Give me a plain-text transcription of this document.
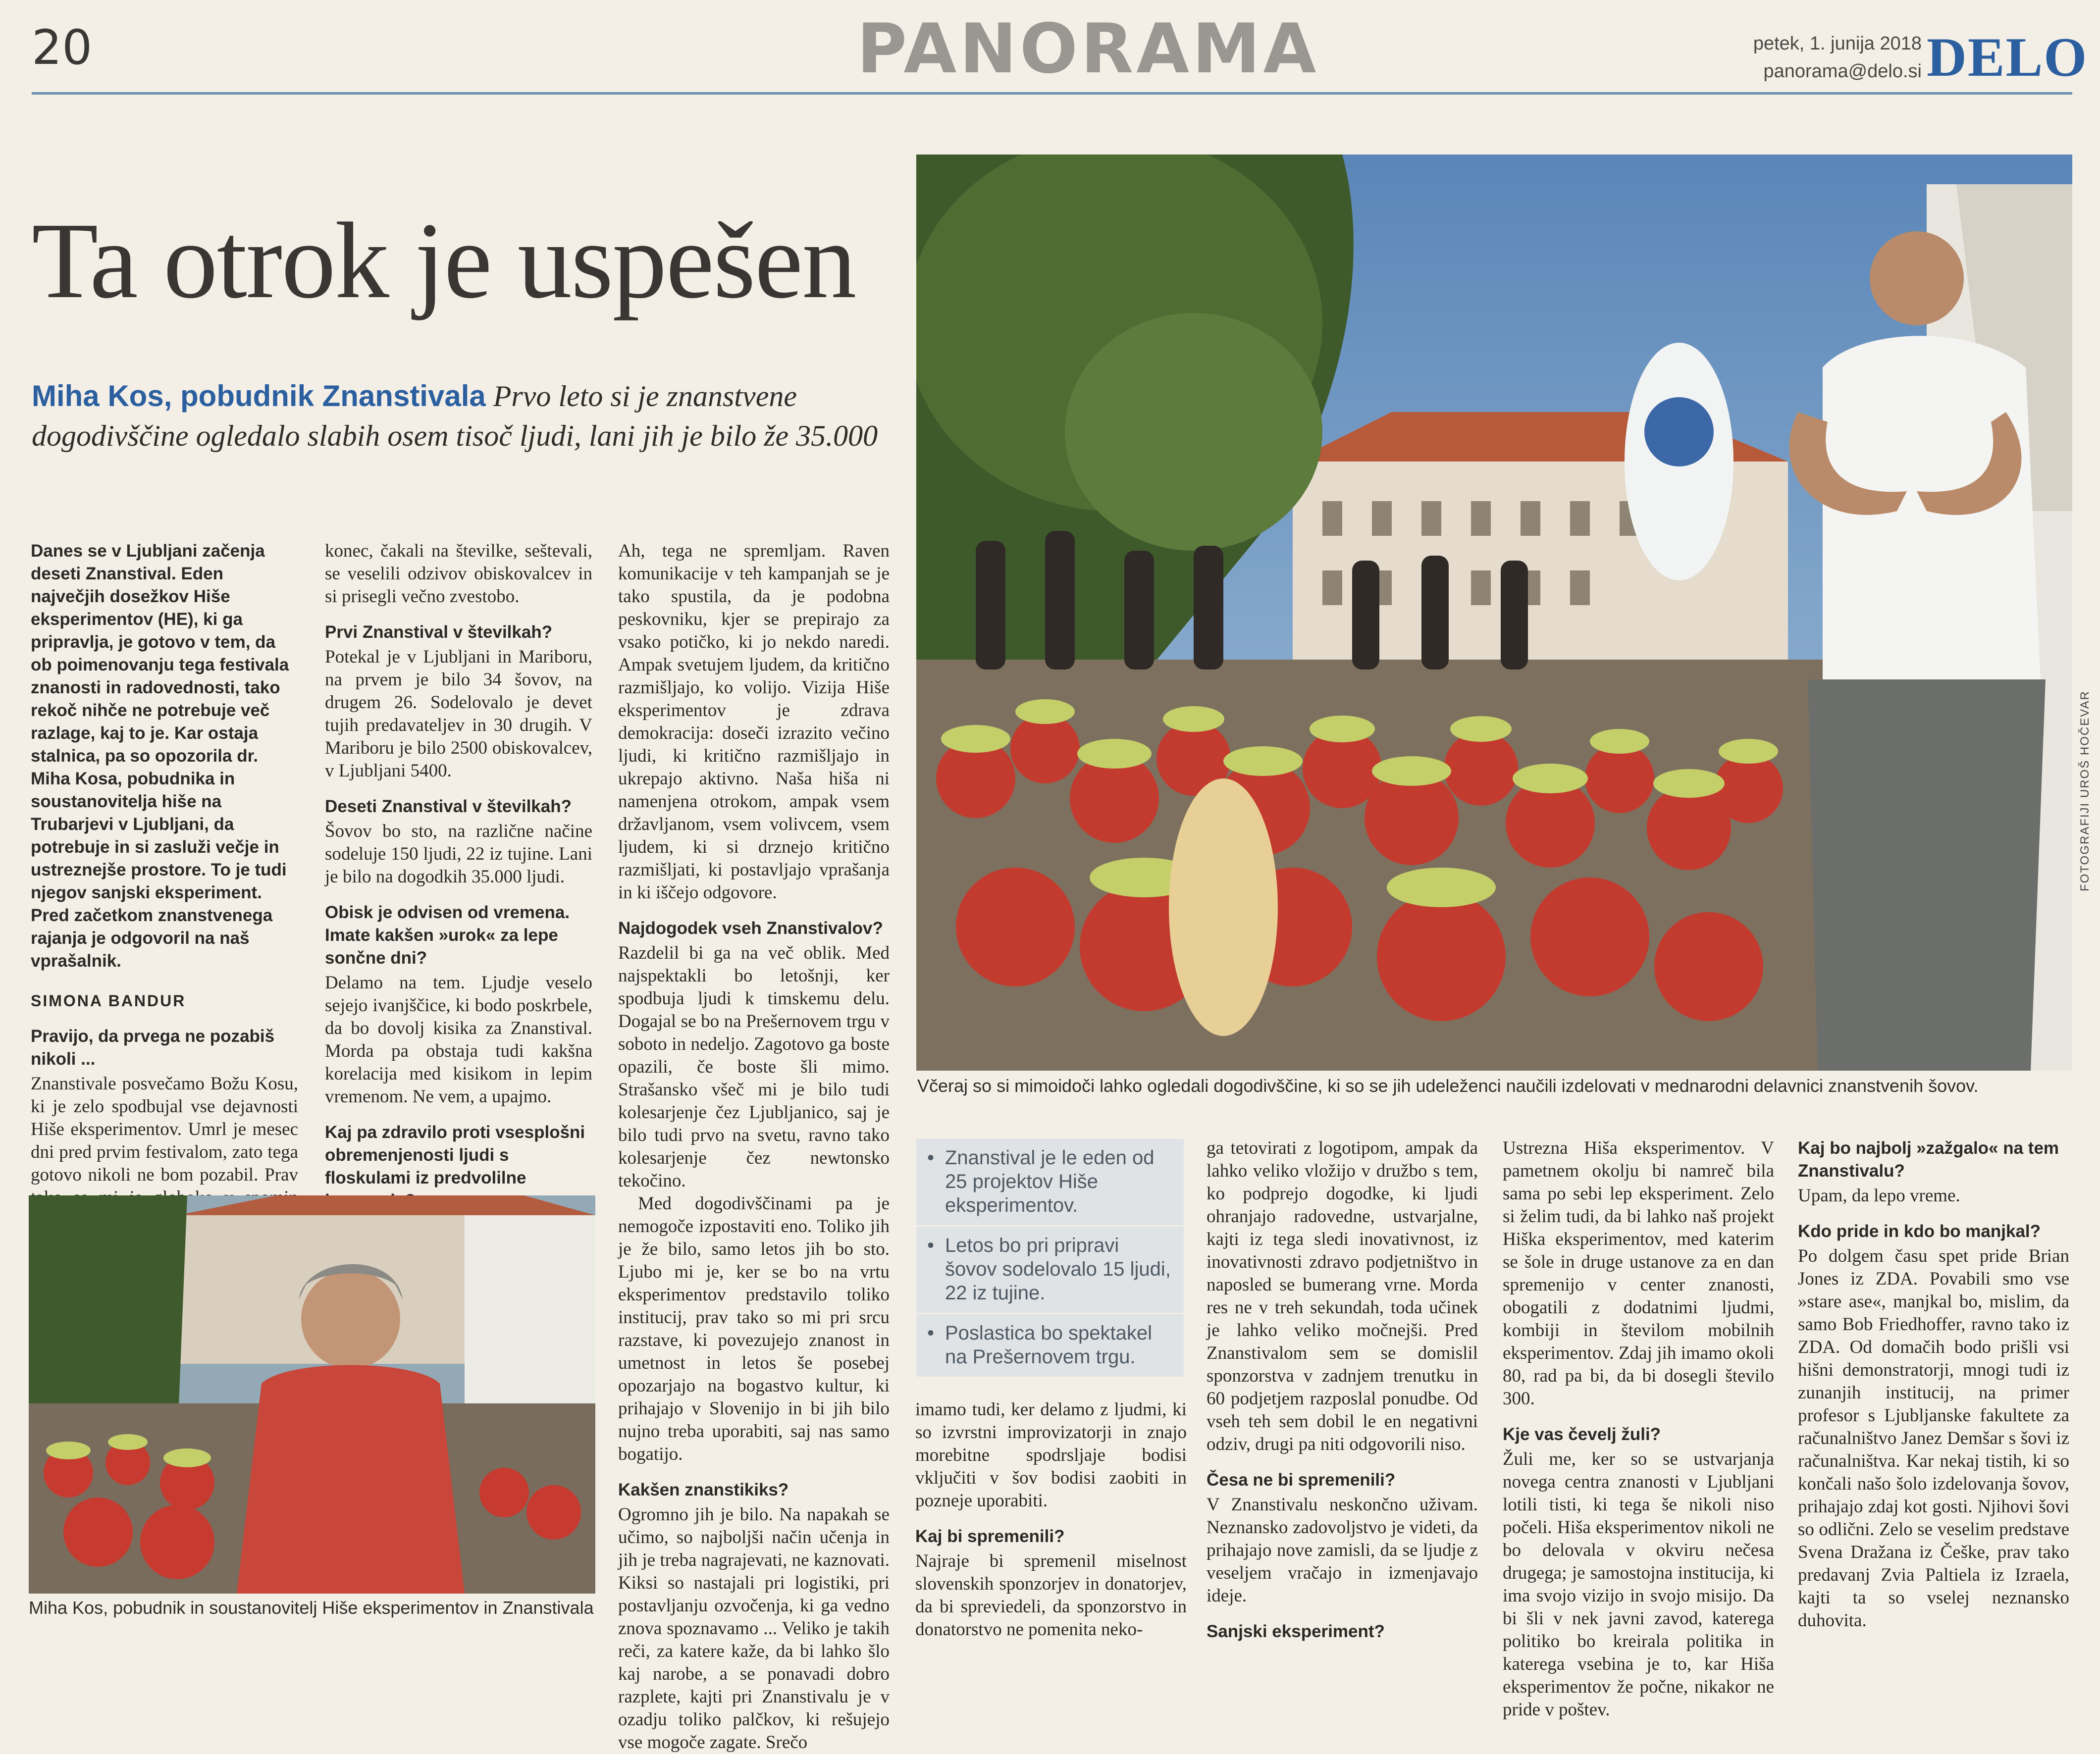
20	PANORAMA	petek, 1. junija 2018
panorama@delo.si DELO
Ta otrok je uspešen
Miha Kos, pobudnik Znanstivala Prvo leto si je znanstvene dogodivščine ogledalo slabih osem tisoč ljudi, lani jih je bilo že 35.000

Danes se v Ljubljani začenja deseti Znanstival. Eden največjih dosežkov Hiše eksperimentov (HE), ki ga pripravlja, je gotovo v tem, da ob poimenovanju tega festivala znanosti in radovednosti, tako rekoč nihče ne potrebuje več razlage, kaj to je. Kar ostaja stalnica, pa so opozorila dr. Miha Kosa, pobudnika in soustanovitelja hiše na Trubarjevi v Ljubljani, da potrebuje in si zasluži večje in ustreznejše prostore. To je tudi njegov sanjski eksperiment. Pred začetkom znanstvenega rajanja je odgovoril na naš vprašalnik.

SIMONA BANDUR
Pravijo, da prvega ne pozabiš nikoli ...

Znanstivale posvečamo Božu Kosu, ki je zelo spodbujal vse dejavnosti Hiše eksperimentov. Umrl je mesec dni pred prvim festivalom, zato tega gotovo nikoli ne bom pozabil. Prav

konec, čakali na številke, seštevali, se veselili odzivov obiskovalcev in si prisegli večno zvestobo.

Prvi Znanstival v številkah?

Potekal je v Ljubljani in Mariboru, na prvem je bilo 34 šovov, na drugem 26. Sodelovalo je devet tujih predavateljev in 30 drugih. V Mariboru je bilo 2500 obiskovalcev, v Ljubljani 5400.

Deseti Znanstival v številkah?

Šovov bo sto, na različne načine sodeluje 150 ljudi, 22 iz tujine. Lani je bilo na dogodkih 35.000 ljudi.

Obisk je odvisen od vremena. Imate kakšen »urok« za lepe sončne dni?

Delamo na tem. Ljudje veselo sejejo ivanjščice, ki bodo poskrbele, da bo dovolj kisika za Znanstival. Morda pa obstaja tudi kakšna korelacija med kisikom in lepim vremenom. Ne vem, a upajmo.

Kaj pa zdravilo proti vsesplošni obremenjenosti ljudi s floskulami iz predvolilne

Ah, tega ne spremljam. Raven komunikacije v teh kampanjah se je tako spustila, da je podobna peskovniku, kjer se prepirajo za vsako potičko, ki jo nekdo naredi. Ampak svetujem ljudem, da kritično razmišljajo, ko volijo. Vizija Hiše eksperimentov je zdrava demokracija: doseči izrazito večino ljudi, ki kritično razmišljajo in ukrepajo aktivno. Naša hiša ni namenjena otrokom, ampak vsem državljanom, vsem volivcem, vsem ljudem, ki si drznejo kritično razmišljati, ki postavljajo vprašanja in ki iščejo odgovore.

Najdogodek vseh Znanstivalov?

Razdelil bi ga na več oblik. Med najspektakli bo letošnji, ker spodbuja ljudi k timskemu delu. Dogajal se bo na Prešernovem trgu v soboto in nedeljo. Zagotovo ga boste opazili, če boste šli mimo. Strašansko všeč mi je bilo tudi kolesarjenje čez Ljubljanico, saj je bilo tudi prvo na svetu, ravno tako kolesarjenje čez newtonsko tekočino.

Med dogodivščinami pa je nemogoče izpostaviti eno. Toliko jih je že bilo, samo letos jih bo sto. Ljubo mi je, ker se bo na vrtu eksperimentov predstavilo toliko institucij, prav tako so mi pri srcu razstave, ki povezujejo znanost in umetnost in letos še posebej opozarjajo na bogastvo kultur, ki prihajajo v Slovenijo in bi jih bilo nujno treba uporabiti, saj nas samo bogatijo.

Kakšen znanstikiks?

Ogromno jih je bilo. Na napakah se učimo, so najboljši način učenja in jih je treba nagrajevati, ne kaznovati. Kiksi so nastajali pri logistiki, pri postavljanju ozvočenja, ki ga vedno znova spoznavamo ... Veliko je takih reči, za katere kaže, da bi lahko šlo kaj narobe, a se ponavadi dobro razplete, kajti pri Znanstivalu je v ozadju toliko palčkov, ki rešujejo vse mogoče zagate. Srečo

FOTOGRAFIJI UROŠ HOČEVAR
Včeraj so si mimoidoči lahko ogledali dogodivščine, ki so se jih udeleženci naučili izdelovati v mednarodni delavnici znanstvenih šovov.
Miha Kos, pobudnik in soustanovitelj Hiše eksperimentov in Znanstivala
• Znanstival je le eden od 25 projektov Hiše eksperimentov.
• Letos bo pri pripravi šovov sodelovalo 15 ljudi, 22 iz tujine.
• Poslastica bo spektakel na Prešernovem trgu.

imamo tudi, ker delamo z ljudmi, ki so izvrstni improvizatorji in znajo morebitne spodrsljaje bodisi vključiti v šov bodisi zaobiti in pozneje uporabiti.

Kaj bi spremenili?

Najraje bi spremenil miselnost slovenskih sponzorjev in donatorjev, da bi spreviedeli, da sponzorstvo in donatorstvo ne pomenita neko-

ga tetovirati z logotipom, ampak da lahko veliko vložijo v družbo s tem, ko podprejo dogodke, ki ljudi ohranjajo radovedne, ustvarjalne, kajti iz tega sledi inovativnost, iz inovativnosti zdravo podjetništvo in naposled se bumerang vrne. Morda res ne v treh sekundah, toda učinek je lahko veliko močnejši. Pred Znanstivalom sem se domislil sponzorstva v zadnjem trenutku in 60 podjetjem razposlal ponudbe. Od vseh teh sem dobil le en negativni odziv, drugi pa niti odgovorili niso.

Česa ne bi spremenili?

V Znanstivalu neskončno uživam. Neznansko zadovoljstvo je videti, da prihajajo nove zamisli, da se ljudje z veseljem vračajo in izmenjavajo ideje.

Sanjski eksperiment?

Ustrezna Hiša eksperimentov. V pametnem okolju bi namreč bila sama po sebi lep eksperiment. Zelo si želim tudi, da bi lahko naš projekt Hiška eksperimentov, med katerim se šole in druge ustanove za en dan spremenijo v center znanosti, obogatili z dodatnimi ljudmi, kombiji in številom mobilnih eksperimentov. Zdaj jih imamo okoli 80, rad pa bi, da bi dosegli število 300.

Kje vas čevelj žuli?

Žuli me, ker so se ustvarjanja novega centra znanosti v Ljubljani lotili tisti, ki tega še nikoli niso počeli. Hiša eksperimentov nikoli ne bo delovala v okviru nečesa drugega; je samostojna institucija, ki ima svojo vizijo in svojo misijo. Da bi šli v nek javni zavod, katerega politiko bo kreirala politika in katerega vsebina je to, kar Hiša eksperimentov že počne, nikakor ne pride v poštev.

Kaj bo najbolj »zažgalo« na tem Znanstivalu?

Upam, da lepo vreme.

Kdo pride in kdo bo manjkal?

Po dolgem času spet pride Brian Jones iz ZDA. Povabili smo vse »stare ase«, manjkal bo, mislim, da samo Bob Friedhoffer, ravno tako iz ZDA. Od domačih bodo prišli vsi hišni demonstratorji, mnogi tudi iz zunanjih institucij, na primer profesor s Ljubljanske fakultete za računalništvo Janez Demšar s šovi iz računalništva. Kar nekaj tistih, ki so končali našo šolo izdelovanja šovov, prihajajo zdaj kot gosti. Njihovi šovi so odlični. Zelo se veselim predstave Svena Dražana iz Češke, prav tako predavanj Zvia Paltiela iz Izraela, kajti ta so vselej neznansko duhovita.
